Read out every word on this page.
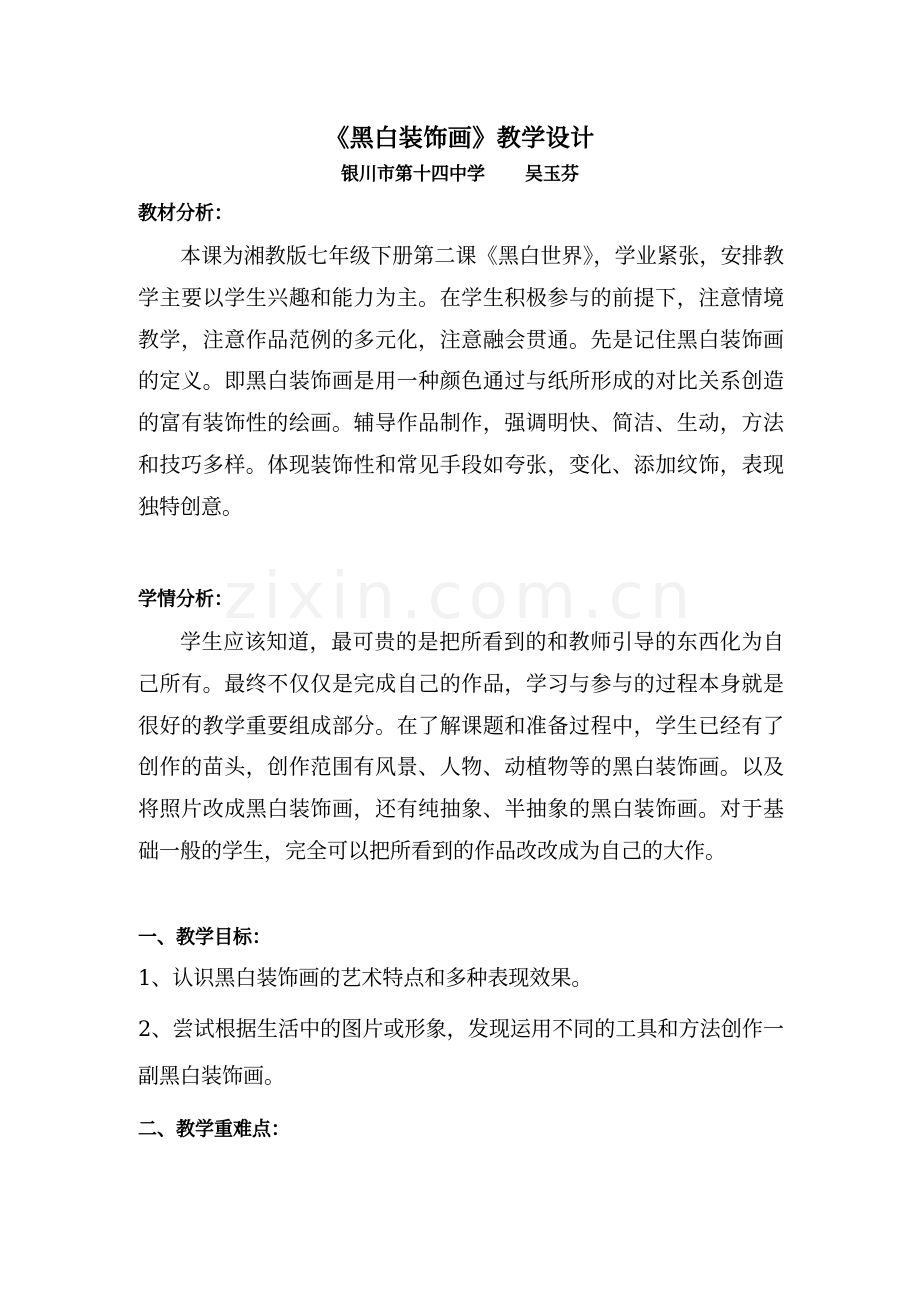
zixin.com.cn
《黑白装饰画》教学设计
银川市第十四中学 吴玉芬
教材分析：
本课为湘教版七年级下册第二课《黑白世界》，学业紧张，安排教学主要以学生兴趣和能力为主。在学生积极参与的前提下，注意情境教学，注意作品范例的多元化，注意融会贯通。先是记住黑白装饰画的定义。即黑白装饰画是用一种颜色通过与纸所形成的对比关系创造的富有装饰性的绘画。辅导作品制作，强调明快、简洁、生动，方法和技巧多样。体现装饰性和常见手段如夸张，变化、添加纹饰，表现独特创意。
学情分析：
学生应该知道，最可贵的是把所看到的和教师引导的东西化为自己所有。最终不仅仅是完成自己的作品，学习与参与的过程本身就是很好的教学重要组成部分。在了解课题和准备过程中，学生已经有了创作的苗头，创作范围有风景、人物、动植物等的黑白装饰画。以及将照片改成黑白装饰画，还有纯抽象、半抽象的黑白装饰画。对于基础一般的学生，完全可以把所看到的作品改改成为自己的大作。
一、教学目标：
1、认识黑白装饰画的艺术特点和多种表现效果。
2、尝试根据生活中的图片或形象，发现运用不同的工具和方法创作一副黑白装饰画。
二、教学重难点：
